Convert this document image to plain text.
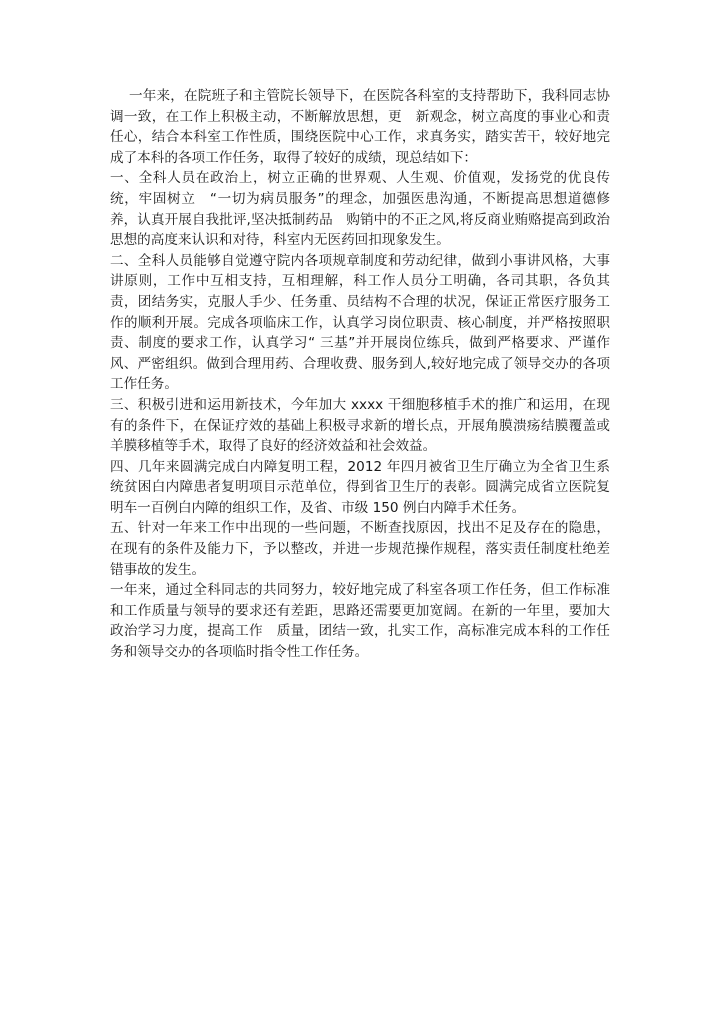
一年来，在院班子和主管院长领导下，在医院各科室的支持帮助下，我科同志协调一致，在工作上积极主动，不断解放思想，更　新观念，树立高度的事业心和责任心，结合本科室工作性质，围绕医院中心工作，求真务实，踏实苦干，较好地完成了本科的各项工作任务，取得了较好的成绩，现总结如下：

一、全科人员在政治上，树立正确的世界观、人生观、价值观，发扬党的优良传统，牢固树立　“一切为病员服务”的理念，加强医患沟通，不断提高思想道德修养，认真开展自我批评,坚决抵制药品　购销中的不正之风,将反商业贿赂提高到政治思想的高度来认识和对待，科室内无医药回扣现象发生。

二、全科人员能够自觉遵守院内各项规章制度和劳动纪律，做到小事讲风格，大事讲原则，工作中互相支持，互相理解，科工作人员分工明确，各司其职，各负其责，团结务实，克服人手少、任务重、员结构不合理的状况，保证正常医疗服务工作的顺利开展。完成各项临床工作，认真学习岗位职责、核心制度，并严格按照职责、制度的要求工作，认真学习“ 三基”并开展岗位练兵，做到严格要求、严谨作风、严密组织。做到合理用药、合理收费、服务到人,较好地完成了领导交办的各项工作任务。

三、积极引进和运用新技术，今年加大 xxxx 干细胞移植手术的推广和运用，在现有的条件下，在保证疗效的基础上积极寻求新的增长点，开展角膜溃疡结膜覆盖或羊膜移植等手术，取得了良好的经济效益和社会效益。

四、几年来圆满完成白内障复明工程，2012 年四月被省卫生厅确立为全省卫生系统贫困白内障患者复明项目示范单位，得到省卫生厅的表彰。圆满完成省立医院复明车一百例白内障的组织工作，及省、市级 150 例白内障手术任务。

五、针对一年来工作中出现的一些问题，不断查找原因，找出不足及存在的隐患，在现有的条件及能力下，予以整改，并进一步规范操作规程，落实责任制度杜绝差错事故的发生。

一年来，通过全科同志的共同努力，较好地完成了科室各项工作任务，但工作标准和工作质量与领导的要求还有差距，思路还需要更加宽阔。在新的一年里，要加大政治学习力度，提高工作　质量，团结一致，扎实工作，高标准完成本科的工作任务和领导交办的各项临时指令性工作任务。
